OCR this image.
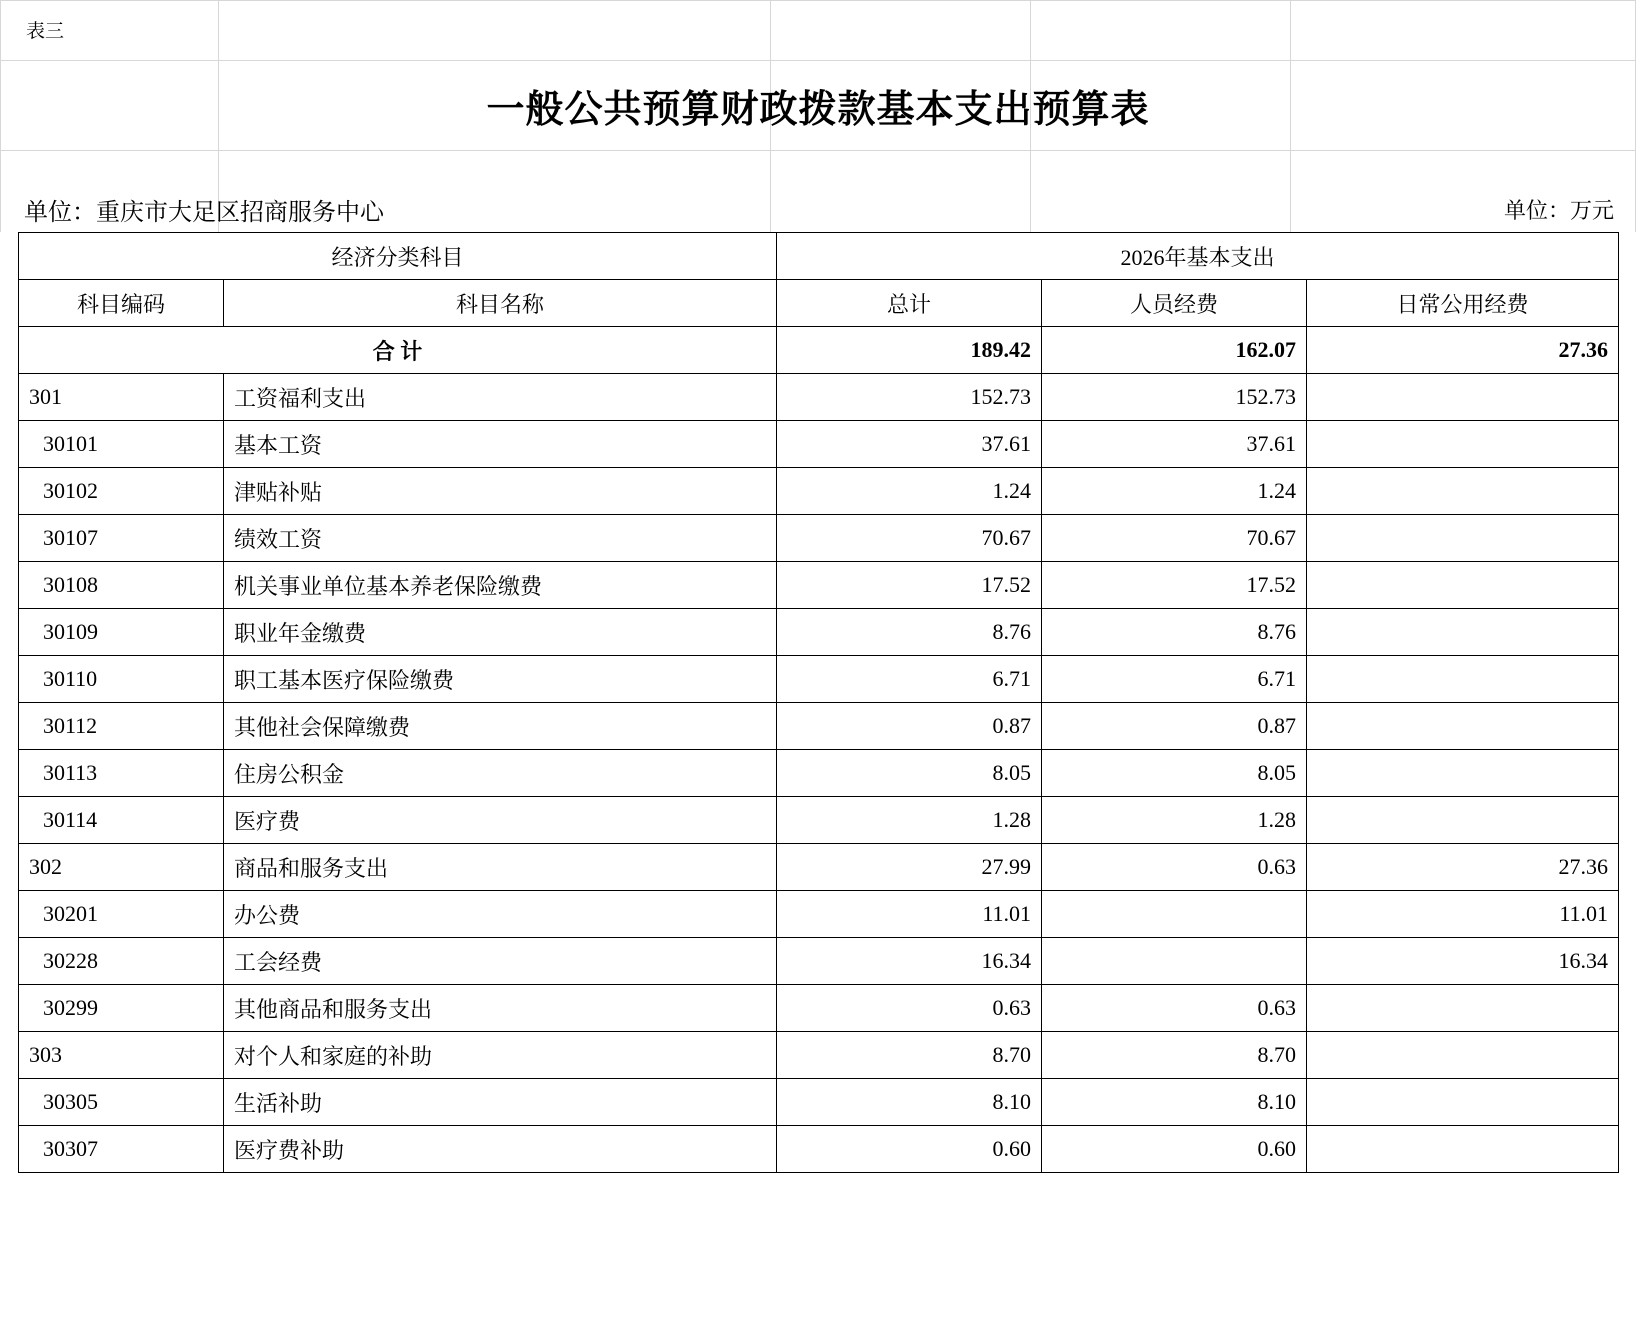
表三
一般公共预算财政拨款基本支出预算表
单位：重庆市大足区招商服务中心	单位：万元
经济分类科目		2026年基本支出		
科目编码	科目名称	总计	人员经费	日常公用经费
合 计		189.42	162.07	27.36
301	工资福利支出	152.73	152.73	
30101	基本工资	37.61	37.61	
30102	津贴补贴	1.24	1.24	
30107	绩效工资	70.67	70.67	
30108	机关事业单位基本养老保险缴费	17.52	17.52	
30109	职业年金缴费	8.76	8.76	
30110	职工基本医疗保险缴费	6.71	6.71	
30112	其他社会保障缴费	0.87	0.87	
30113	住房公积金	8.05	8.05	
30114	医疗费	1.28	1.28	
302	商品和服务支出	27.99	0.63	27.36
30201	办公费	11.01		11.01
30228	工会经费	16.34		16.34
30299	其他商品和服务支出	0.63	0.63	
303	对个人和家庭的补助	8.70	8.70	
30305	生活补助	8.10	8.10	
30307	医疗费补助	0.60	0.60	
